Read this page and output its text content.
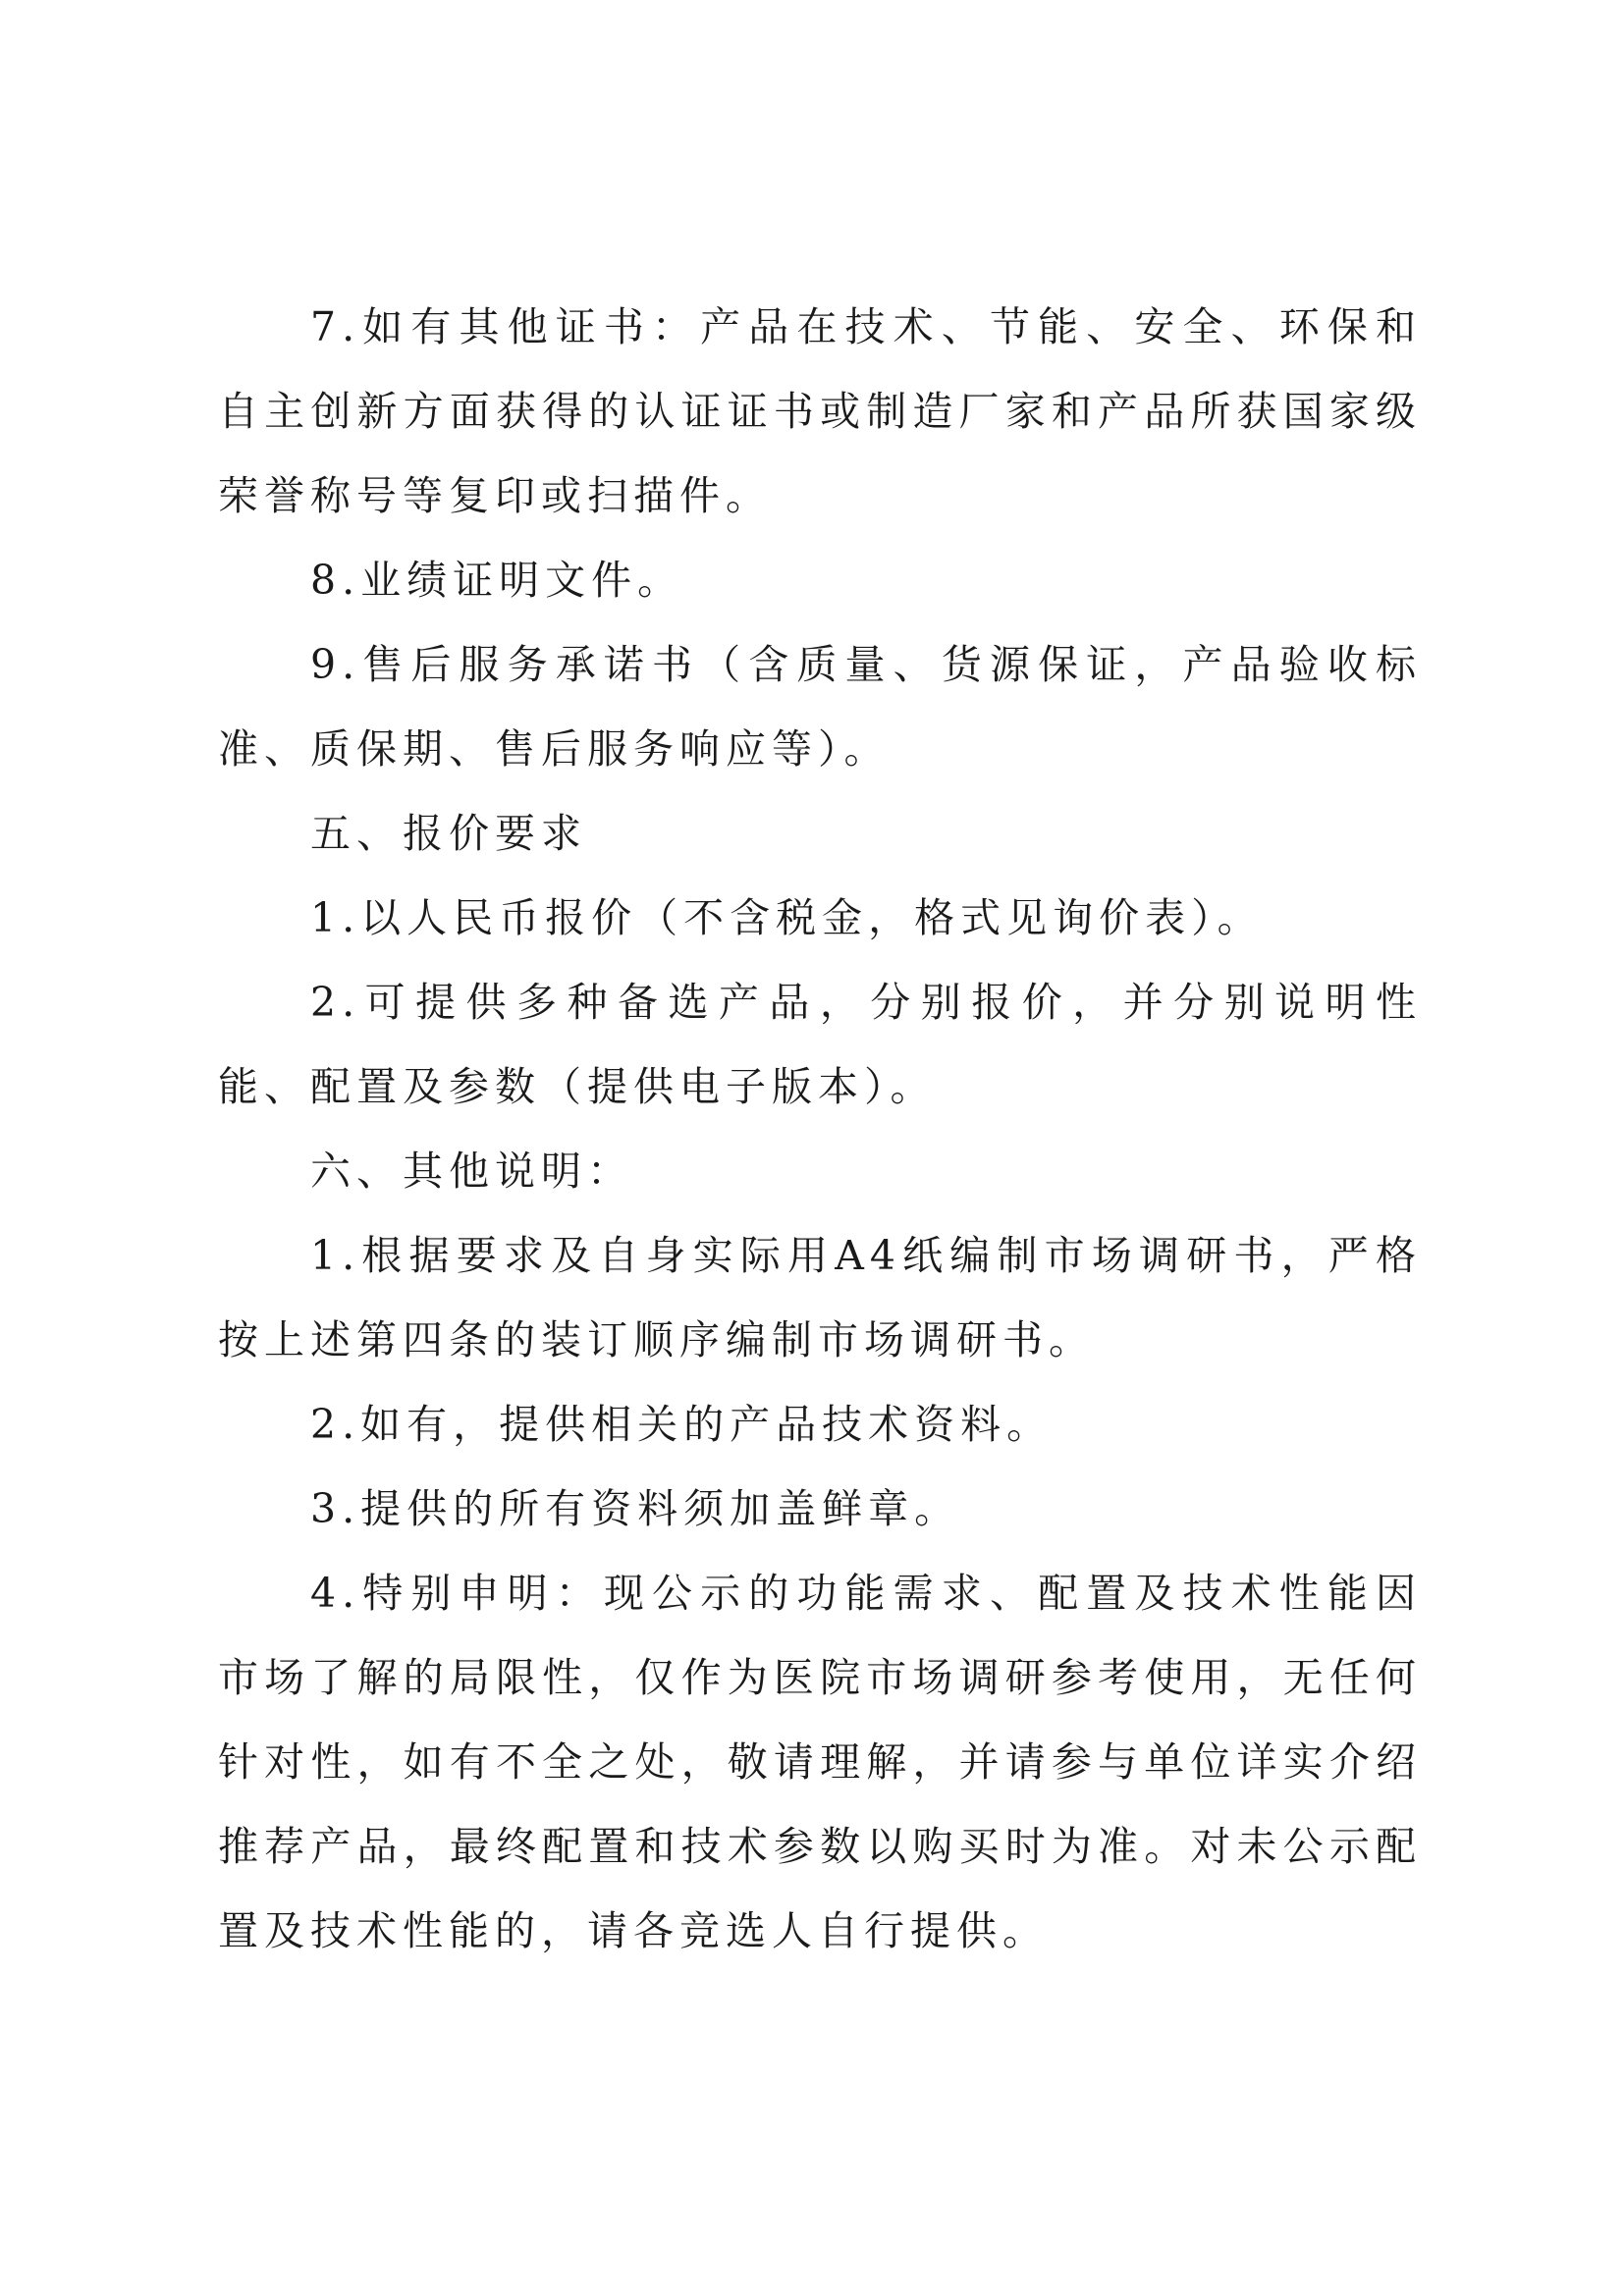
7.如有其他证书：产品在技术、节能、安全、环保和自主创新方面获得的认证证书或制造厂家和产品所获国家级荣誉称号等复印或扫描件。

8.业绩证明文件。

9.售后服务承诺书（含质量、货源保证，产品验收标准、质保期、售后服务响应等）。

五、报价要求

1.以人民币报价（不含税金，格式见询价表）。

2.可提供多种备选产品，分别报价，并分别说明性能、配置及参数（提供电子版本）。

六、其他说明：

1.根据要求及自身实际用A4纸编制市场调研书，严格按上述第四条的装订顺序编制市场调研书。

2.如有，提供相关的产品技术资料。

3.提供的所有资料须加盖鲜章。

4.特别申明：现公示的功能需求、配置及技术性能因市场了解的局限性，仅作为医院市场调研参考使用，无任何针对性，如有不全之处，敬请理解，并请参与单位详实介绍推荐产品，最终配置和技术参数以购买时为准。对未公示配置及技术性能的，请各竞选人自行提供。
